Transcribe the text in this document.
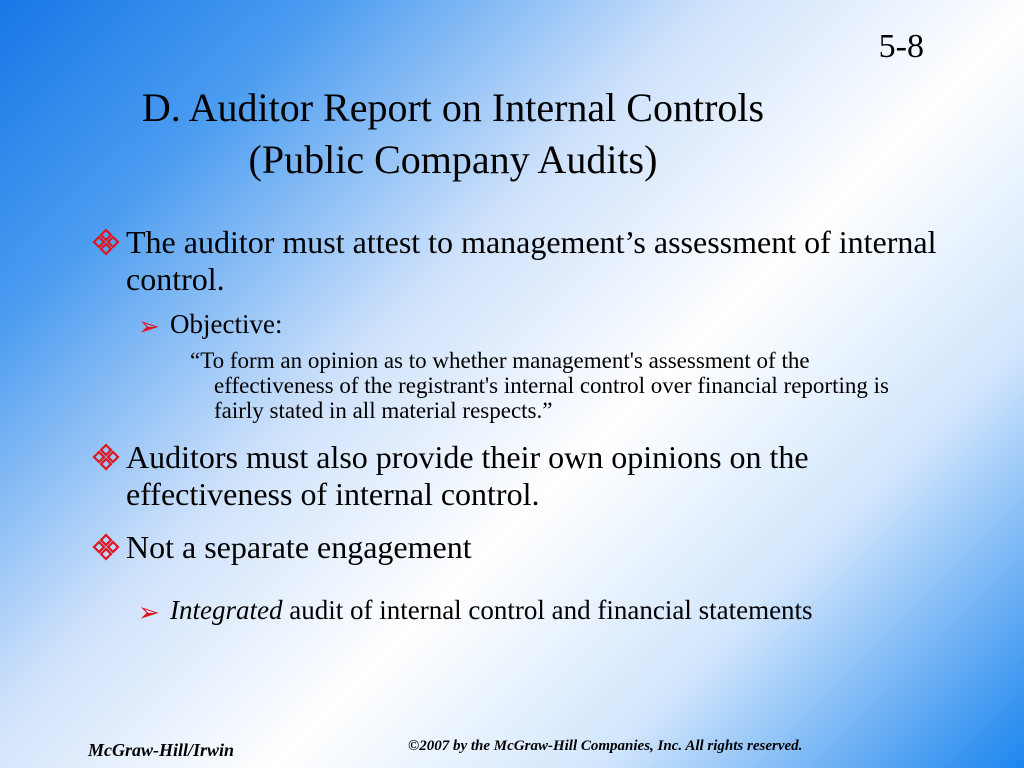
5-8
D. Auditor Report on Internal Controls
(Public Company Audits)
The auditor must attest to management’s assessment of internal control.
➢ Objective:
“To form an opinion as to whether management's assessment of the effectiveness of the registrant's internal control over financial reporting is fairly stated in all material respects.”
Auditors must also provide their own opinions on the effectiveness of internal control.
Not a separate engagement
➢ Integrated audit of internal control and financial statements
McGraw-Hill/Irwin	©2007 by the McGraw-Hill Companies, Inc. All rights reserved.
